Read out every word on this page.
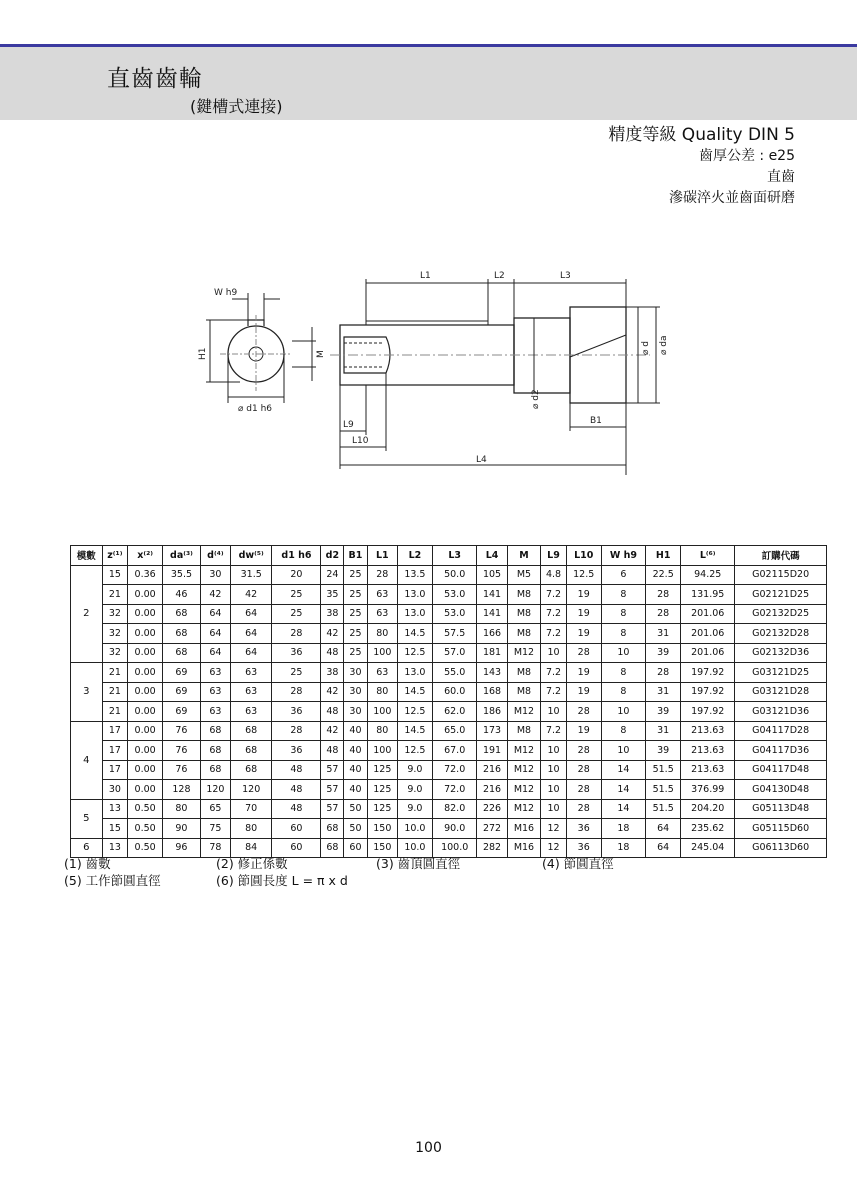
直齒齒輪
(鍵槽式連接)
精度等級 Quality DIN 5
齒厚公差 : e25
直齒
滲碳淬火並齒面研磨
W h9
H1	M
⌀ d1 h6
L1	L2	L3
⌀ d ⌀ da
⌀ d2
B1
L9
L10
L4
模數	z⁽¹⁾	x⁽²⁾	da⁽³⁾	d⁽⁴⁾	dw⁽⁵⁾	d1 h6	d2	B1	L1	L2	L3	L4	M	L9	L10	W h9	H1	L⁽⁶⁾	訂購代碼
2	15	0.36	35.5	30	31.5	20	24	25	28	13.5	50.0	105	M5	4.8	12.5	6	22.5	94.25	G02115D20
	21	0.00	46	42	42	25	35	25	63	13.0	53.0	141	M8	7.2	19	8	28	131.95	G02121D25
	32	0.00	68	64	64	25	38	25	63	13.0	53.0	141	M8	7.2	19	8	28	201.06	G02132D25
	32	0.00	68	64	64	28	42	25	80	14.5	57.5	166	M8	7.2	19	8	31	201.06	G02132D28
	32	0.00	68	64	64	36	48	25	100	12.5	57.0	181	M12	10	28	10	39	201.06	G02132D36
3	21	0.00	69	63	63	25	38	30	63	13.0	55.0	143	M8	7.2	19	8	28	197.92	G03121D25
	21	0.00	69	63	63	28	42	30	80	14.5	60.0	168	M8	7.2	19	8	31	197.92	G03121D28
	21	0.00	69	63	63	36	48	30	100	12.5	62.0	186	M12	10	28	10	39	197.92	G03121D36
4	17	0.00	76	68	68	28	42	40	80	14.5	65.0	173	M8	7.2	19	8	31	213.63	G04117D28
	17	0.00	76	68	68	36	48	40	100	12.5	67.0	191	M12	10	28	10	39	213.63	G04117D36
	17	0.00	76	68	68	48	57	40	125	9.0	72.0	216	M12	10	28	14	51.5	213.63	G04117D48
	30	0.00	128	120	120	48	57	40	125	9.0	72.0	216	M12	10	28	14	51.5	376.99	G04130D48
5	13	0.50	80	65	70	48	57	50	125	9.0	82.0	226	M12	10	28	14	51.5	204.20	G05113D48
	15	0.50	90	75	80	60	68	50	150	10.0	90.0	272	M16	12	36	18	64	235.62	G05115D60
6	13	0.50	96	78	84	60	68	60	150	10.0	100.0	282	M16	12	36	18	64	245.04	G06113D60
(1) 齒數	(2) 修正係數	(3) 齒頂圓直徑	(4) 節圓直徑
(5) 工作節圓直徑	(6) 節圓長度 L = π x d
100
